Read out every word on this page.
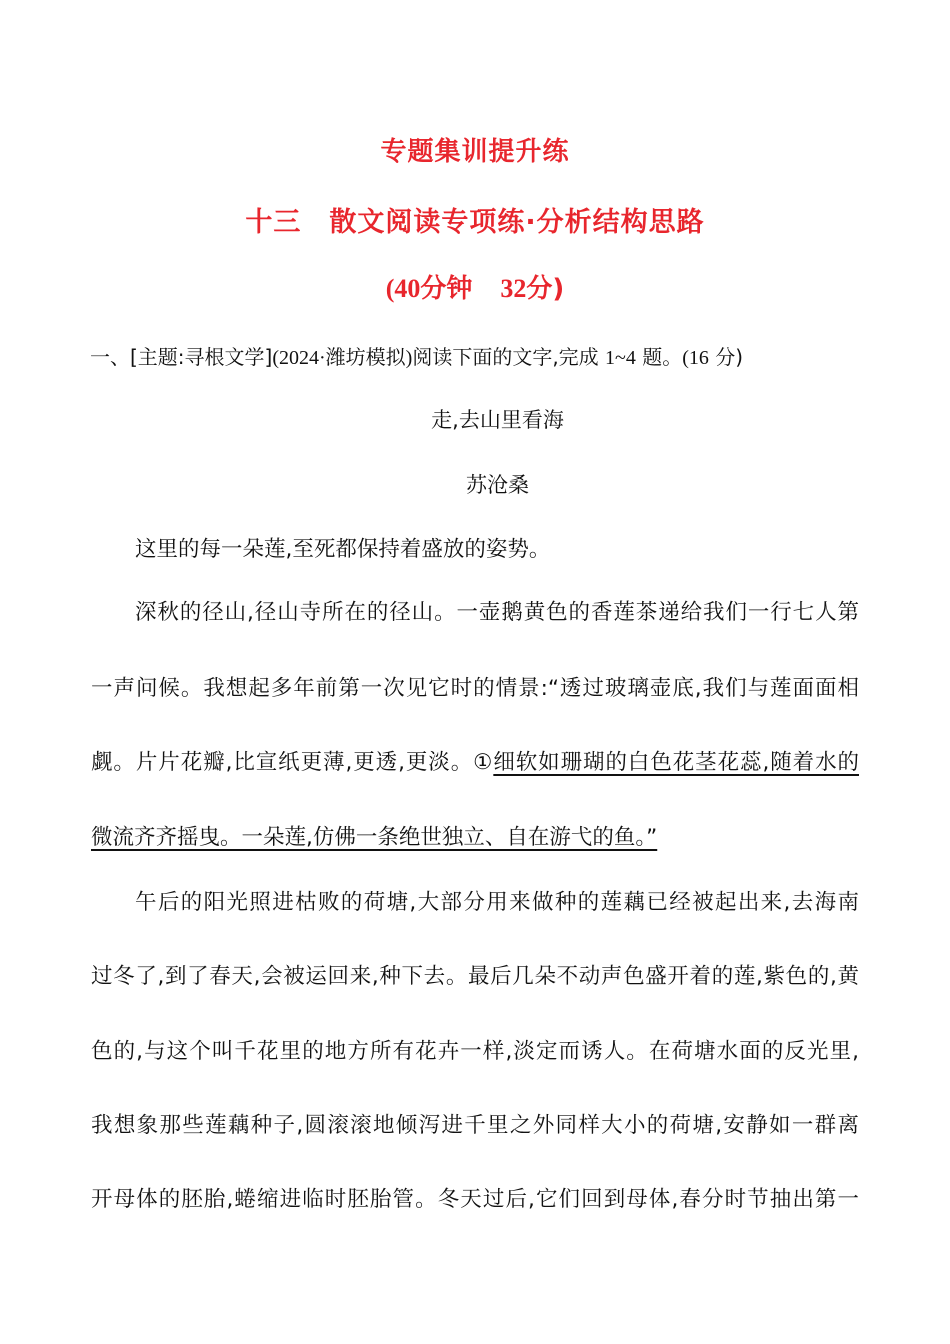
专题集训提升练
十三 散文阅读专项练·分析结构思路
(40分钟 32分)
一、[主题:寻根文学](2024·潍坊模拟)阅读下面的文字,完成 1~4 题。(16 分)
走,去山里看海
苏沧桑
这里的每一朵莲,至死都保持着盛放的姿势。
深秋的径山,径山寺所在的径山。一壶鹅黄色的香莲茶递给我们一行七人第
一声问候。我想起多年前第一次见它时的情景:“透过玻璃壶底,我们与莲面面相
觑。片片花瓣,比宣纸更薄,更透,更淡。①细软如珊瑚的白色花茎花蕊,随着水的
微流齐齐摇曳。一朵莲,仿佛一条绝世独立、自在游弋的鱼。”
午后的阳光照进枯败的荷塘,大部分用来做种的莲藕已经被起出来,去海南
过冬了,到了春天,会被运回来,种下去。最后几朵不动声色盛开着的莲,紫色的,黄
色的,与这个叫千花里的地方所有花卉一样,淡定而诱人。在荷塘水面的反光里,
我想象那些莲藕种子,圆滚滚地倾泻进千里之外同样大小的荷塘,安静如一群离
开母体的胚胎,蜷缩进临时胚胎管。冬天过后,它们回到母体,春分时节抽出第一
